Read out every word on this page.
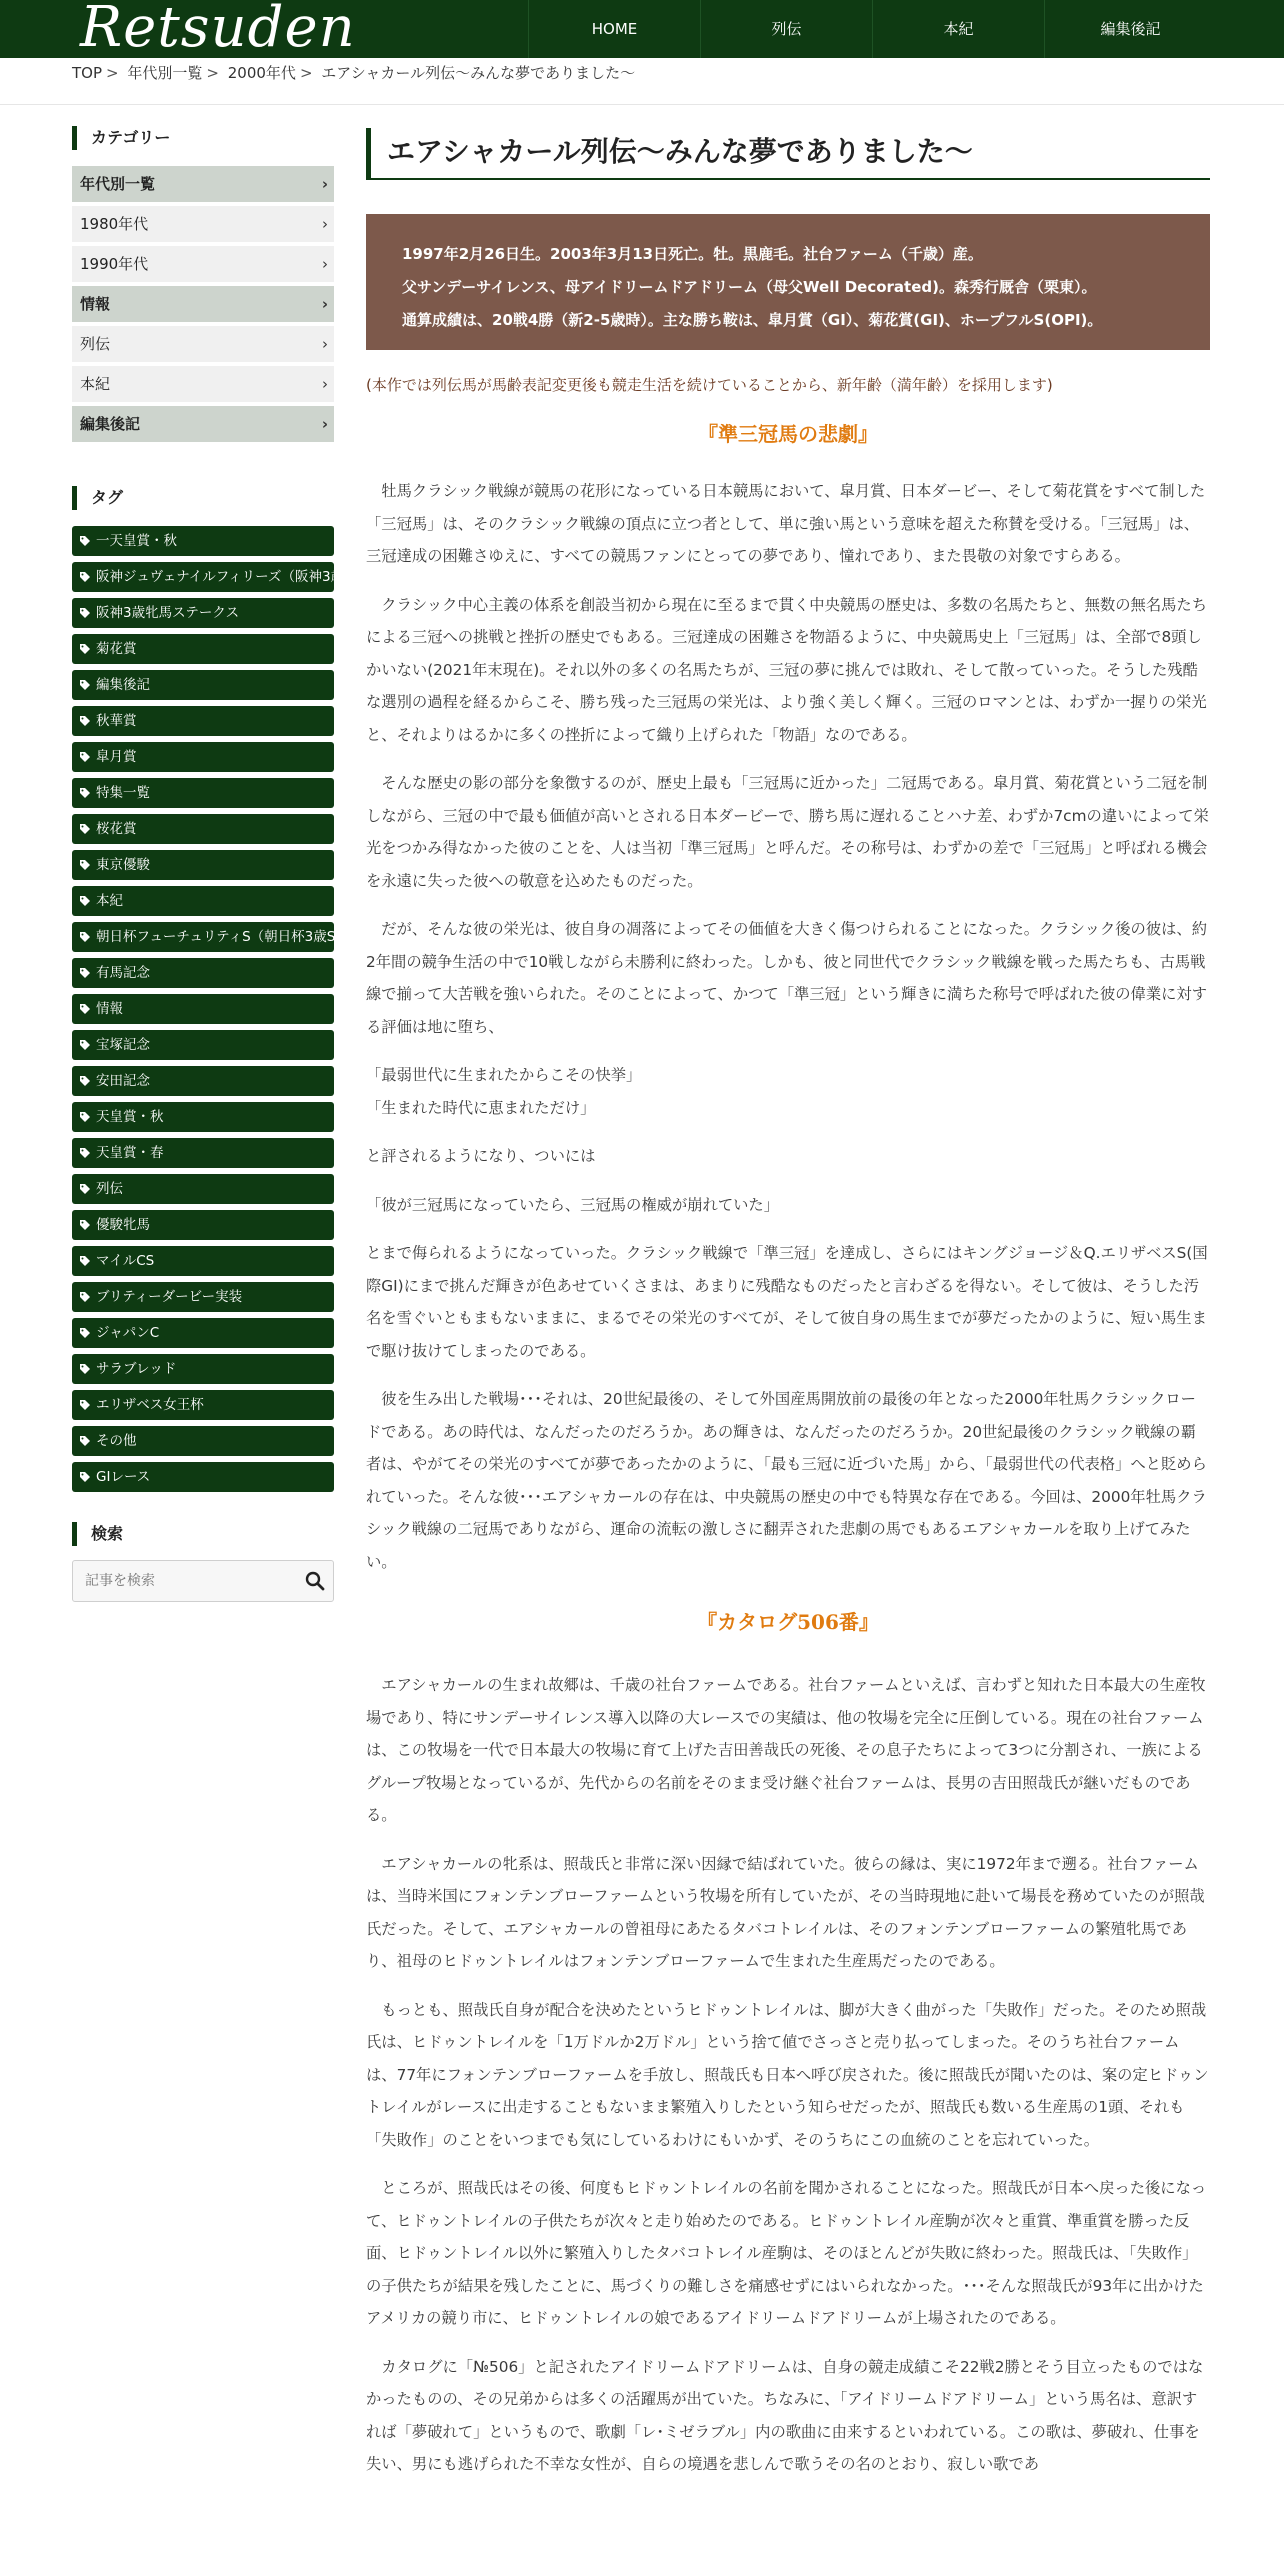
Retsuden	HOME	列伝	本紀	編集後記
TOP > 年代別一覧 > 2000年代 > エアシャカール列伝～みんな夢でありました～
カテゴリー
年代別一覧	›
1980年代	›
1990年代	›
情報	›
列伝	›
本紀	›
編集後記	›
タグ
一天皇賞・秋
阪神ジュヴェナイルフィリーズ（阪神3歳牝馬S）
阪神3歳牝馬ステークス
菊花賞
編集後記
秋華賞
皐月賞
特集一覧
桜花賞
東京優駿
本紀
朝日杯フューチュリティS（朝日杯3歳S）
有馬記念
情報
宝塚記念
安田記念
天皇賞・秋
天皇賞・春
列伝
優駿牝馬
マイルCS
ブリティーダービー実装
ジャパンC
サラブレッド
エリザベス女王杯
その他
GIレース
検索
記事を検索
エアシャカール列伝～みんな夢でありました～
1997年2月26日生。2003年3月13日死亡。牡。黒鹿毛。社台ファーム（千歳）産。
父サンデーサイレンス、母アイドリームドアドリーム（母父Well Decorated)。森秀行厩舎（栗東）。
通算成績は、20戦4勝（新2-5歳時）。主な勝ち鞍は、皐月賞（GI）、菊花賞(GI)、ホープフルS(OPI)。
(本作では列伝馬が馬齢表記変更後も競走生活を続けていることから、新年齢（満年齢）を採用します)
『準三冠馬の悲劇』

牡馬クラシック戦線が競馬の花形になっている日本競馬において、皐月賞、日本ダービー、そして菊花賞をすべて制した「三冠馬」は、そのクラシック戦線の頂点に立つ者として、単に強い馬という意味を超えた称賛を受ける。「三冠馬」は、三冠達成の困難さゆえに、すべての競馬ファンにとっての夢であり、憧れであり、また畏敬の対象ですらある。

クラシック中心主義の体系を創設当初から現在に至るまで貫く中央競馬の歴史は、多数の名馬たちと、無数の無名馬たちによる三冠への挑戦と挫折の歴史でもある。三冠達成の困難さを物語るように、中央競馬史上「三冠馬」は、全部で8頭しかいない(2021年末現在)。それ以外の多くの名馬たちが、三冠の夢に挑んでは敗れ、そして散っていった。そうした残酷な選別の過程を経るからこそ、勝ち残った三冠馬の栄光は、より強く美しく輝く。三冠のロマンとは、わずか一握りの栄光と、それよりはるかに多くの挫折によって織り上げられた「物語」なのである。

そんな歴史の影の部分を象徴するのが、歴史上最も「三冠馬に近かった」二冠馬である。皐月賞、菊花賞という二冠を制しながら、三冠の中で最も価値が高いとされる日本ダービーで、勝ち馬に遅れることハナ差、わずか7cmの違いによって栄光をつかみ得なかった彼のことを、人は当初「準三冠馬」と呼んだ。その称号は、わずかの差で「三冠馬」と呼ばれる機会を永遠に失った彼への敬意を込めたものだった。

だが、そんな彼の栄光は、彼自身の凋落によってその価値を大きく傷つけられることになった。クラシック後の彼は、約2年間の競争生活の中で10戦しながら未勝利に終わった。しかも、彼と同世代でクラシック戦線を戦った馬たちも、古馬戦線で揃って大苦戦を強いられた。そのことによって、かつて「準三冠」という輝きに満ちた称号で呼ばれた彼の偉業に対する評価は地に堕ち、

「最弱世代に生まれたからこその快挙」

「生まれた時代に恵まれただけ」

と評されるようになり、ついには

「彼が三冠馬になっていたら、三冠馬の権威が崩れていた」

とまで侮られるようになっていった。クラシック戦線で「準三冠」を達成し、さらにはキングジョージ＆Q.エリザベスS(国際GI)にまで挑んだ輝きが色あせていくさまは、あまりに残酷なものだったと言わざるを得ない。そして彼は、そうした汚名を雪ぐいともまもないままに、まるでその栄光のすべてが、そして彼自身の馬生までが夢だったかのように、短い馬生まで駆け抜けてしまったのである。

彼を生み出した戦場･･･それは、20世紀最後の、そして外国産馬開放前の最後の年となった2000年牡馬クラシックロードである。あの時代は、なんだったのだろうか。あの輝きは、なんだったのだろうか。20世紀最後のクラシック戦線の覇者は、やがてその栄光のすべてが夢であったかのように、「最も三冠に近づいた馬」から、「最弱世代の代表格」へと貶められていった。そんな彼･･･エアシャカールの存在は、中央競馬の歴史の中でも特異な存在である。今回は、2000年牡馬クラシック戦線の二冠馬でありながら、運命の流転の激しさに翻弄された悲劇の馬でもあるエアシャカールを取り上げてみたい。

『カタログ506番』

エアシャカールの生まれ故郷は、千歳の社台ファームである。社台ファームといえば、言わずと知れた日本最大の生産牧場であり、特にサンデーサイレンス導入以降の大レースでの実績は、他の牧場を完全に圧倒している。現在の社台ファームは、この牧場を一代で日本最大の牧場に育て上げた吉田善哉氏の死後、その息子たちによって3つに分割され、一族によるグループ牧場となっているが、先代からの名前をそのまま受け継ぐ社台ファームは、長男の吉田照哉氏が継いだものである。

エアシャカールの牝系は、照哉氏と非常に深い因縁で結ばれていた。彼らの縁は、実に1972年まで遡る。社台ファームは、当時米国にフォンテンブローファームという牧場を所有していたが、その当時現地に赴いて場長を務めていたのが照哉氏だった。そして、エアシャカールの曾祖母にあたるタバコトレイルは、そのフォンテンブローファームの繁殖牝馬であり、祖母のヒドゥントレイルはフォンテンブローファームで生まれた生産馬だったのである。

もっとも、照哉氏自身が配合を決めたというヒドゥントレイルは、脚が大きく曲がった「失敗作」だった。そのため照哉氏は、ヒドゥントレイルを「1万ドルか2万ドル」という捨て値でさっさと売り払ってしまった。そのうち社台ファームは、77年にフォンテンブローファームを手放し、照哉氏も日本へ呼び戻された。後に照哉氏が聞いたのは、案の定ヒドゥントレイルがレースに出走することもないまま繁殖入りしたという知らせだったが、照哉氏も数いる生産馬の1頭、それも「失敗作」のことをいつまでも気にしているわけにもいかず、そのうちにこの血統のことを忘れていった。

ところが、照哉氏はその後、何度もヒドゥントレイルの名前を聞かされることになった。照哉氏が日本へ戻った後になって、ヒドゥントレイルの子供たちが次々と走り始めたのである。ヒドゥントレイル産駒が次々と重賞、準重賞を勝った反面、ヒドゥントレイル以外に繁殖入りしたタバコトレイル産駒は、そのほとんどが失敗に終わった。照哉氏は、「失敗作」の子供たちが結果を残したことに、馬づくりの難しさを痛感せずにはいられなかった。･･･そんな照哉氏が93年に出かけたアメリカの競り市に、ヒドゥントレイルの娘であるアイドリームドアドリームが上場されたのである。

カタログに「№506」と記されたアイドリームドアドリームは、自身の競走成績こそ22戦2勝とそう目立ったものではなかったものの、その兄弟からは多くの活躍馬が出ていた。ちなみに、「アイドリームドアドリーム」という馬名は、意訳すれば「夢破れて」というもので、歌劇「レ･ミゼラブル」内の歌曲に由来するといわれている。この歌は、夢破れ、仕事を失い、男にも逃げられた不幸な女性が、自らの境遇を悲しんで歌うその名のとおり、寂しい歌であ
